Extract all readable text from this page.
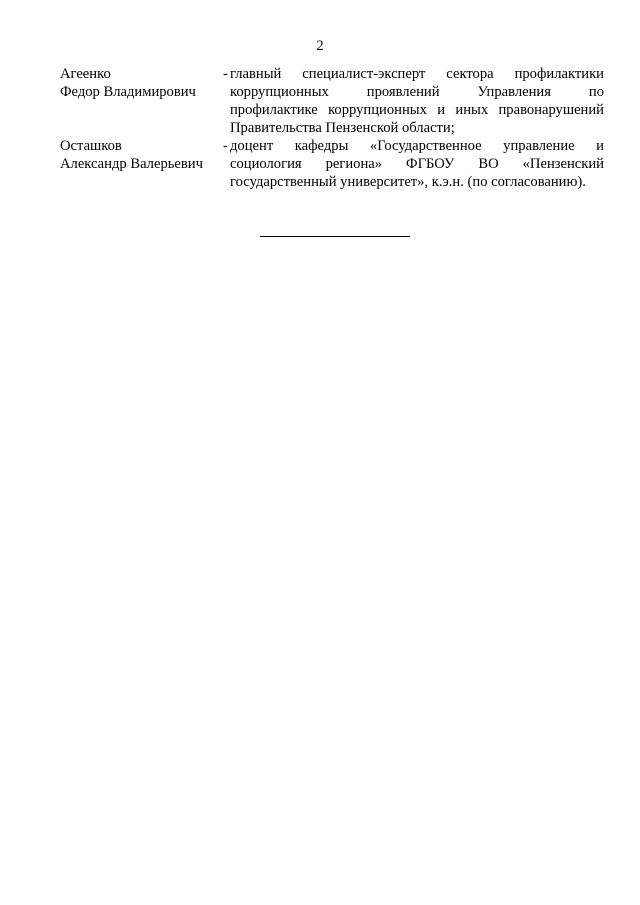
2
Агеенко
Федор Владимирович
- главный специалист-эксперт сектора профилактики
коррупционных проявлений Управления по
профилактике коррупционных и иных правонарушений
Правительства Пензенской области;
Осташков
Александр Валерьевич
- доцент кафедры «Государственное управление и
социология региона» ФГБОУ ВО «Пензенский
государственный университет», к.э.н. (по согласованию).
